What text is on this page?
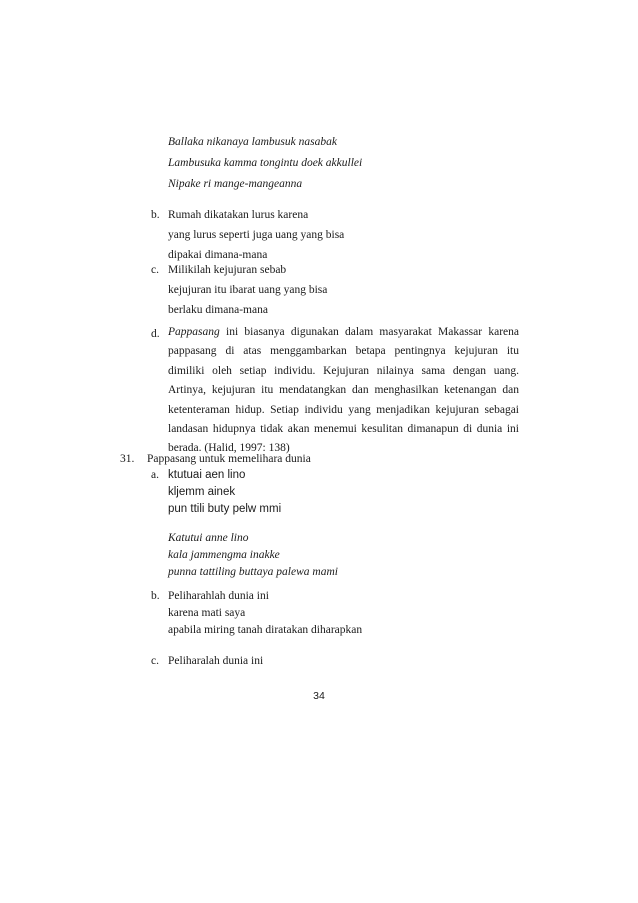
Ballaka nikanaya lambusuk nasabak
Lambusuka kamma tongintu doek akkullei
Nipake ri mange-mangeanna
b. Rumah dikatakan lurus karena
yang lurus seperti juga uang yang bisa
dipakai dimana-mana
c. Milikilah kejujuran sebab
kejujuran itu ibarat uang yang bisa
berlaku dimana-mana
d. Pappasang ini biasanya digunakan dalam masyarakat Makassar karena
pappasang di atas menggambarkan betapa pentingnya kejujuran itu
dimiliki oleh setiap individu. Kejujuran nilainya sama dengan uang.
Artinya, kejujuran itu mendatangkan dan menghasilkan ketenangan dan
ketenteraman hidup. Setiap individu yang menjadikan kejujuran sebagai
landasan hidupnya tidak akan menemui kesulitan dimanapun di dunia ini
berada. (Halid, 1997: 138)
31. Pappasang untuk memelihara dunia
a. ktutuai aen lino
kljemm ainek
pun ttili buty pelw mmi
Katutui anne lino
kala jammengma inakke
punna tattiling buttaya palewa mami
b. Peliharahlah dunia ini
karena mati saya
apabila miring tanah diratakan diharapkan
c. Peliharalah dunia ini
34
